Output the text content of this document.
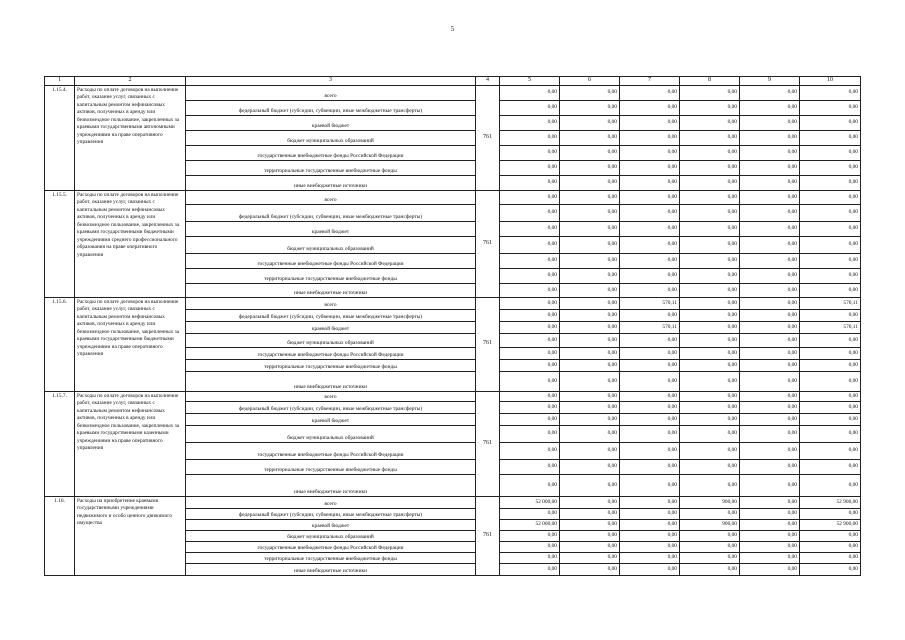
5
1	2	3	4	5	6	7	8	9	10
1.15.4.	Расходы по оплате договоров на выполнение работ, оказание услуг, связанных с капитальным ремонтом нефинансовых активов, полученных в аренду или безвозмездное пользование, закрепленных за краевыми государственными автономными учреждениями на праве оперативного управления	всего	761	0,00	0,00	0,00	0,00	0,00	0,00
		федеральный бюджет (субсидии, субвенции, иные межбюджетные трансферты)		0,00	0,00	0,00	0,00	0,00	0,00
		краевой бюджет		0,00	0,00	0,00	0,00	0,00	0,00
		бюджет муниципальных образований		0,00	0,00	0,00	0,00	0,00	0,00
		государственные внебюджетные фонды Российской Федерации		0,00	0,00	0,00	0,00	0,00	0,00
		территориальные государственные внебюджетные фонды		0,00	0,00	0,00	0,00	0,00	0,00
		иные внебюджетные источники		0,00	0,00	0,00	0,00	0,00	0,00
1.15.5.	Расходы по оплате договоров на выполнение работ, оказание услуг, связанных с капитальным ремонтом нефинансовых активов, полученных в аренду или безвозмездное пользование, закрепленных за краевыми государственными бюджетными учреждениями среднего профессионального образования на праве оперативного управления	всего	761	0,00	0,00	0,00	0,00	0,00	0,00
		федеральный бюджет (субсидии, субвенции, иные межбюджетные трансферты)		0,00	0,00	0,00	0,00	0,00	0,00
		краевой бюджет		0,00	0,00	0,00	0,00	0,00	0,00
		бюджет муниципальных образований		0,00	0,00	0,00	0,00	0,00	0,00
		государственные внебюджетные фонды Российской Федерации		0,00	0,00	0,00	0,00	0,00	0,00
		территориальные государственные внебюджетные фонды		0,00	0,00	0,00	0,00	0,00	0,00
		иные внебюджетные источники		0,00	0,00	0,00	0,00	0,00	0,00
1.15.6.	Расходы по оплате договоров на выполнение работ, оказание услуг, связанных с капитальным ремонтом нефинансовых активов, полученных в аренду или безвозмездное пользование, закрепленных за краевыми государственными бюджетными учреждениями на праве оперативного управления	всего	761	0,00	0,00	570,11	0,00	0,00	570,11
		федеральный бюджет (субсидии, субвенции, иные межбюджетные трансферты)		0,00	0,00	0,00	0,00	0,00	0,00
		краевой бюджет		0,00	0,00	570,11	0,00	0,00	570,11
		бюджет муниципальных образований		0,00	0,00	0,00	0,00	0,00	0,00
		государственные внебюджетные фонды Российской Федерации		0,00	0,00	0,00	0,00	0,00	0,00
		территориальные государственные внебюджетные фонды		0,00	0,00	0,00	0,00	0,00	0,00
		иные внебюджетные источники		0,00	0,00	0,00	0,00	0,00	0,00
1.15.7.	Расходы по оплате договоров на выполнение работ, оказание услуг, связанных с капитальным ремонтом нефинансовых активов, полученных в аренду или безвозмездное пользование, закрепленных за краевыми государственными казенными учреждениями на праве оперативного управления	всего	761	0,00	0,00	0,00	0,00	0,00	0,00
		федеральный бюджет (субсидии, субвенции, иные межбюджетные трансферты)		0,00	0,00	0,00	0,00	0,00	0,00
		краевой бюджет		0,00	0,00	0,00	0,00	0,00	0,00
		бюджет муниципальных образований		0,00	0,00	0,00	0,00	0,00	0,00
		государственные внебюджетные фонды Российской Федерации		0,00	0,00	0,00	0,00	0,00	0,00
		территориальные государственные внебюджетные фонды		0,00	0,00	0,00	0,00	0,00	0,00
		иные внебюджетные источники		0,00	0,00	0,00	0,00	0,00	0,00
1.16.	Расходы на приобретение краевыми государственными учреждениями недвижимого и особо ценного движимого имущества	всего	761	52 000,00	0,00	0,00	900,00	0,00	52 900,00
		федеральный бюджет (субсидии, субвенции, иные межбюджетные трансферты)		0,00	0,00	0,00	0,00	0,00	0,00
		краевой бюджет		52 000,00	0,00	0,00	900,00	0,00	52 900,00
		бюджет муниципальных образований		0,00	0,00	0,00	0,00	0,00	0,00
		государственные внебюджетные фонды Российской Федерации		0,00	0,00	0,00	0,00	0,00	0,00
		территориальные государственные внебюджетные фонды		0,00	0,00	0,00	0,00	0,00	0,00
		иные внебюджетные источники		0,00	0,00	0,00	0,00	0,00	0,00
